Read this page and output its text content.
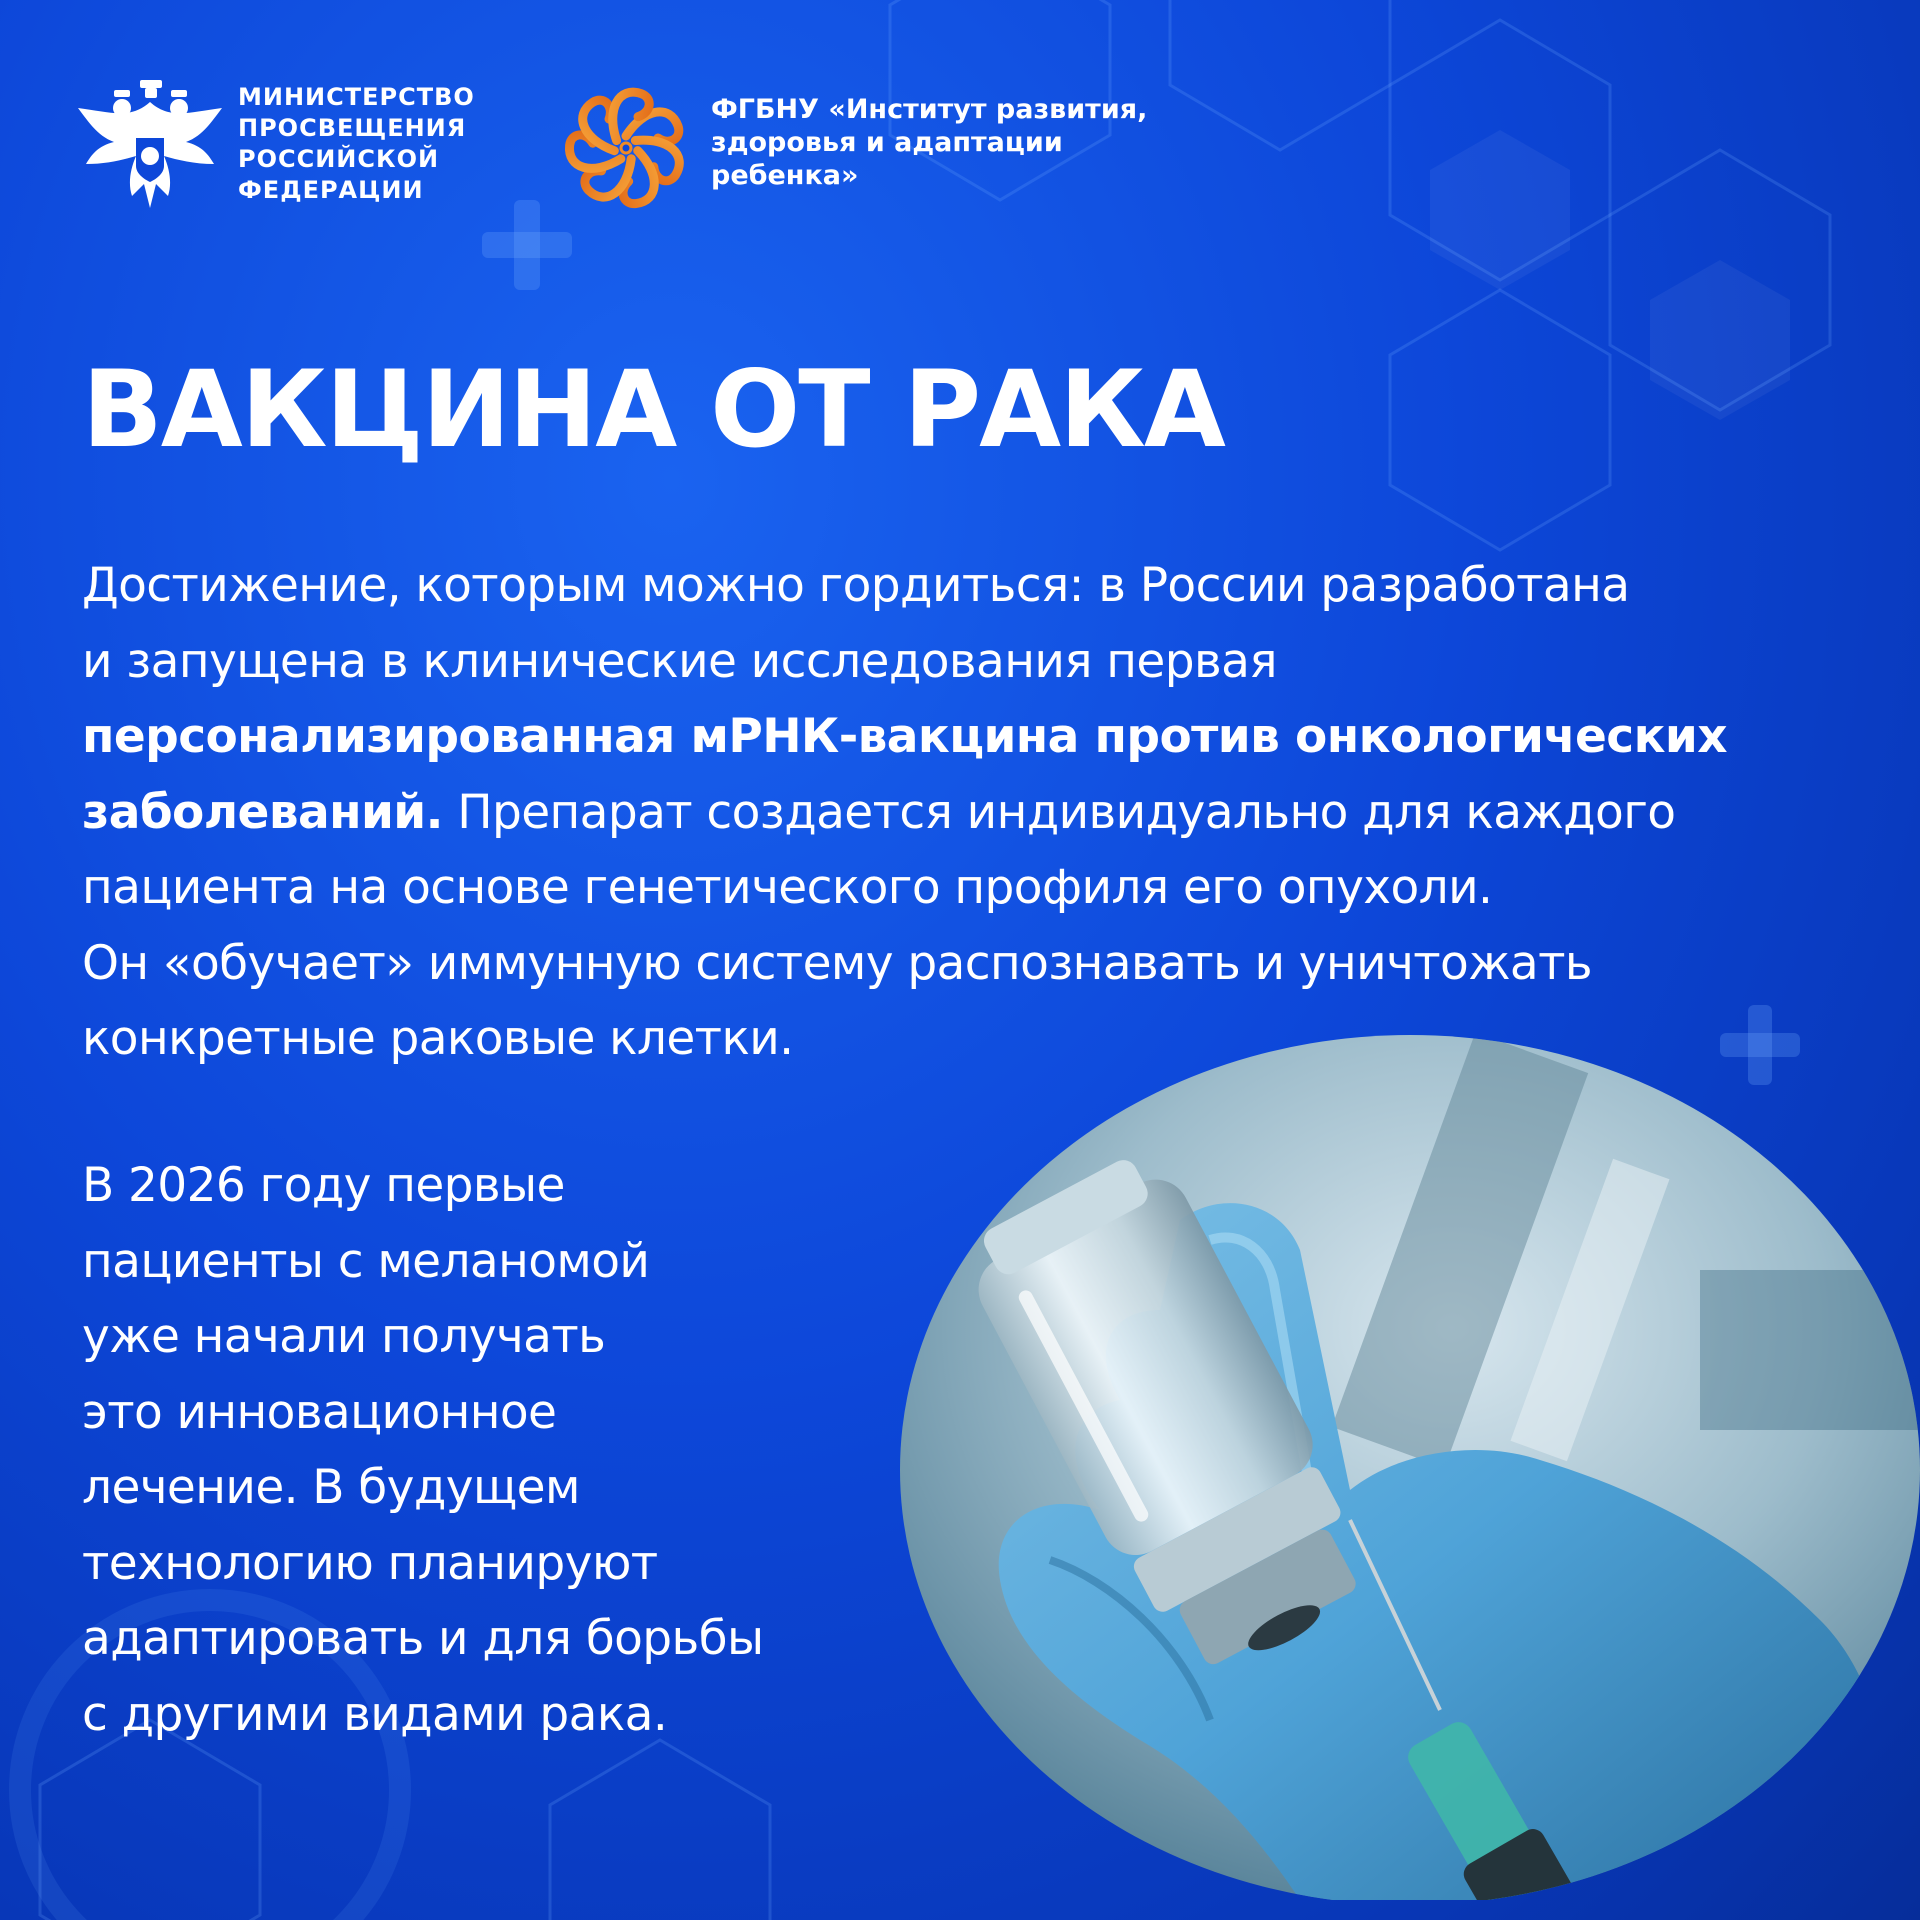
МИНИСТЕРСТВО
ПРОСВЕЩЕНИЯ
РОССИЙСКОЙ
ФЕДЕРАЦИИ
ФГБНУ «Институт развития,
здоровья и адаптации
ребенка»
ВАКЦИНА ОТ РАКА

Достижение, которым можно гордиться: в России разработана
и запущена в клинические исследования первая
персонализированная мРНК-вакцина против онкологических
заболеваний. Препарат создается индивидуально для каждого
пациента на основе генетического профиля его опухоли.
Он «обучает» иммунную систему распознавать и уничтожать
конкретные раковые клетки.

В 2026 году первые
пациенты с меланомой
уже начали получать
это инновационное
лечение. В будущем
технологию планируют
адаптировать и для борьбы
с другими видами рака.
